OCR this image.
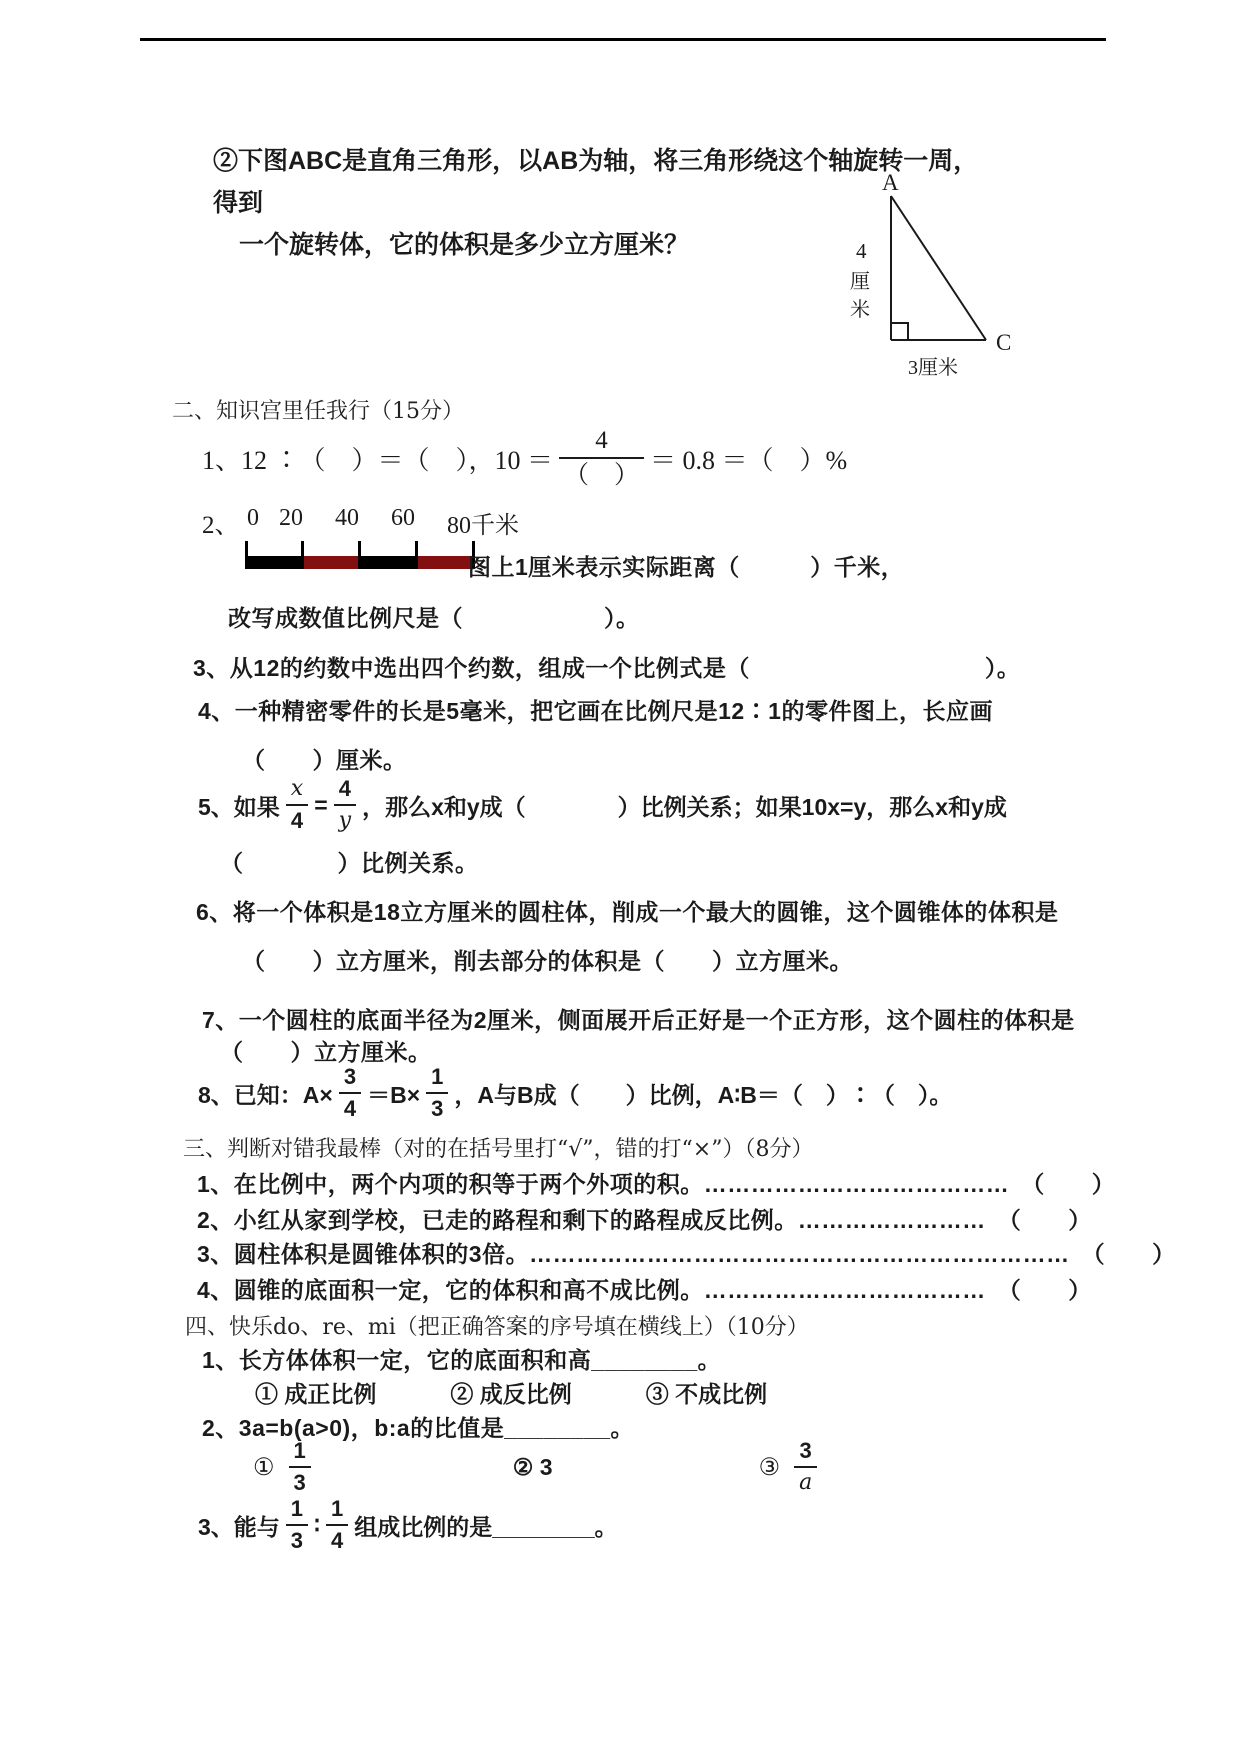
②下图ABC是直角三角形，以AB为轴，将三角形绕这个轴旋转一周，得到
一个旋转体，它的体积是多少立方厘米？
A
C
4
厘
米
3厘米
二、知识宫里任我行（15分）
1、12 ∶（　）＝（　），$10 = \frac{4}{( )} = 0.8$ ＝（　）%
2、 0 20 40 60 80千米
图上1厘米表示实际距离（　　　）千米，
改写成数值比例尺是（　　　　　　）。
3、从12的约数中选出四个约数，组成一个比例式是（　　　　　　　　　　）。
4、一种精密零件的长是5毫米，把它画在比例尺是12∶1的零件图上，长应画
（　　）厘米。
5、如果 $\frac{x}{4} = \frac{4}{y}$ ，那么x和y成（　　　　）比例关系；如果10x=y，那么x和y成
（　　　　）比例关系。
6、将一个体积是18立方厘米的圆柱体，削成一个最大的圆锥，这个圆锥体的体积是
（　　）立方厘米，削去部分的体积是（　　）立方厘米。
7、一个圆柱的底面半径为2厘米，侧面展开后正好是一个正方形，这个圆柱的体积是
（　　）立方厘米。
8、已知：$A\times \frac{3}{4} =B\times \frac{1}{3}$ ，A与B成（　　）比例，A∶B＝（　）∶（　）。
三、判断对错我最棒（对的在括号里打“√”，错的打“×”）（8分）
1、在比例中，两个内项的积等于两个外项的积。…………………………………　（　　）
2、小红从家到学校，已走的路程和剩下的路程成反比例。……………………　（　　）
3、圆柱体积是圆锥体积的3倍。……………………………………………………………　（　　）
4、圆锥的底面积一定，它的体积和高不成比例。………………………………　（　　）
四、快乐do、re、mi（把正确答案的序号填在横线上）（10分）
1、长方体体积一定，它的底面积和高________。
① 成正比例	② 成反比例	③ 不成比例
2、3a=b(a>0)，b:a的比值是________。
① $\frac{1}{3}$	② 3	③ $\frac{3}{a}$
3、能与 $\frac{1}{3}$ ∶ $\frac{1}{4}$ 组成比例的是________。
